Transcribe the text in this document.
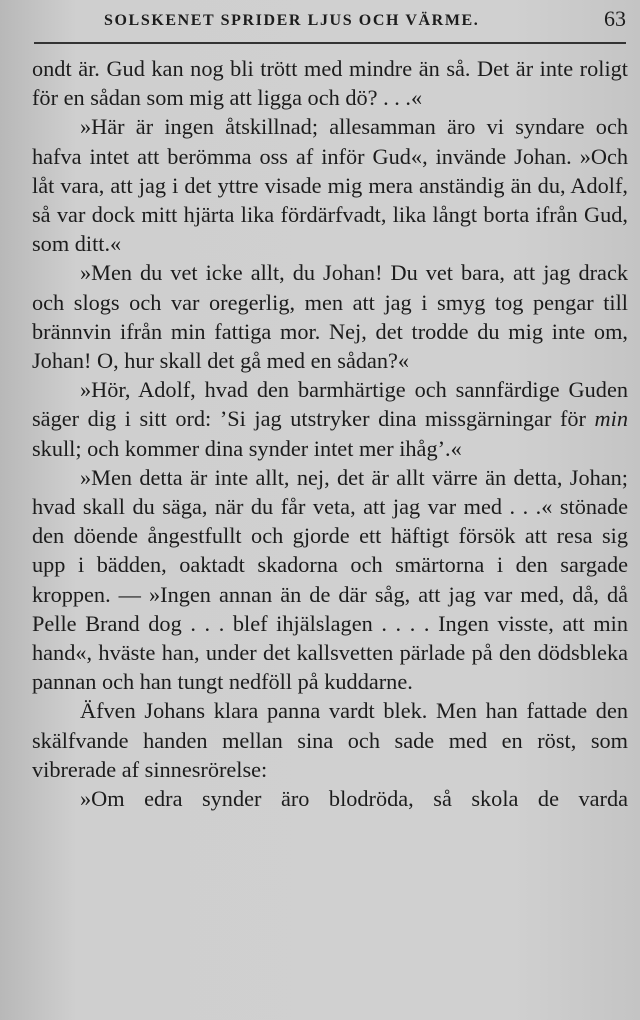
SOLSKENET SPRIDER LJUS OCH VÄRME.	63

ondt är. Gud kan nog bli trött med mindre än så. Det är inte roligt för en sådan som mig att ligga och dö? . . .«

»Här är ingen åtskillnad; allesamman äro vi syndare och hafva intet att berömma oss af inför Gud«, invände Johan. »Och låt vara, att jag i det yttre visade mig mera anständig än du, Adolf, så var dock mitt hjärta lika fördärfvadt, lika långt borta ifrån Gud, som ditt.«

»Men du vet icke allt, du Johan! Du vet bara, att jag drack och slogs och var oregerlig, men att jag i smyg tog pengar till brännvin ifrån min fattiga mor. Nej, det trodde du mig inte om, Johan! O, hur skall det gå med en sådan?«

»Hör, Adolf, hvad den barmhärtige och sannfärdige Guden säger dig i sitt ord: ’Si jag utstryker dina missgärningar för min skull; och kommer dina synder intet mer ihåg’.«

»Men detta är inte allt, nej, det är allt värre än detta, Johan; hvad skall du säga, när du får veta, att jag var med . . .« stönade den döende ångestfullt och gjorde ett häftigt försök att resa sig upp i bädden, oaktadt skadorna och smärtorna i den sargade kroppen. — »Ingen annan än de där såg, att jag var med, då, då Pelle Brand dog . . . blef ihjälslagen . . . . Ingen visste, att min hand«, hväste han, under det kallsvetten pärlade på den dödsbleka pannan och han tungt nedföll på kuddarne.

Äfven Johans klara panna vardt blek. Men han fattade den skälfvande handen mellan sina och sade med en röst, som vibrerade af sinnesrörelse:

»Om edra synder äro blodröda, så skola de varda
